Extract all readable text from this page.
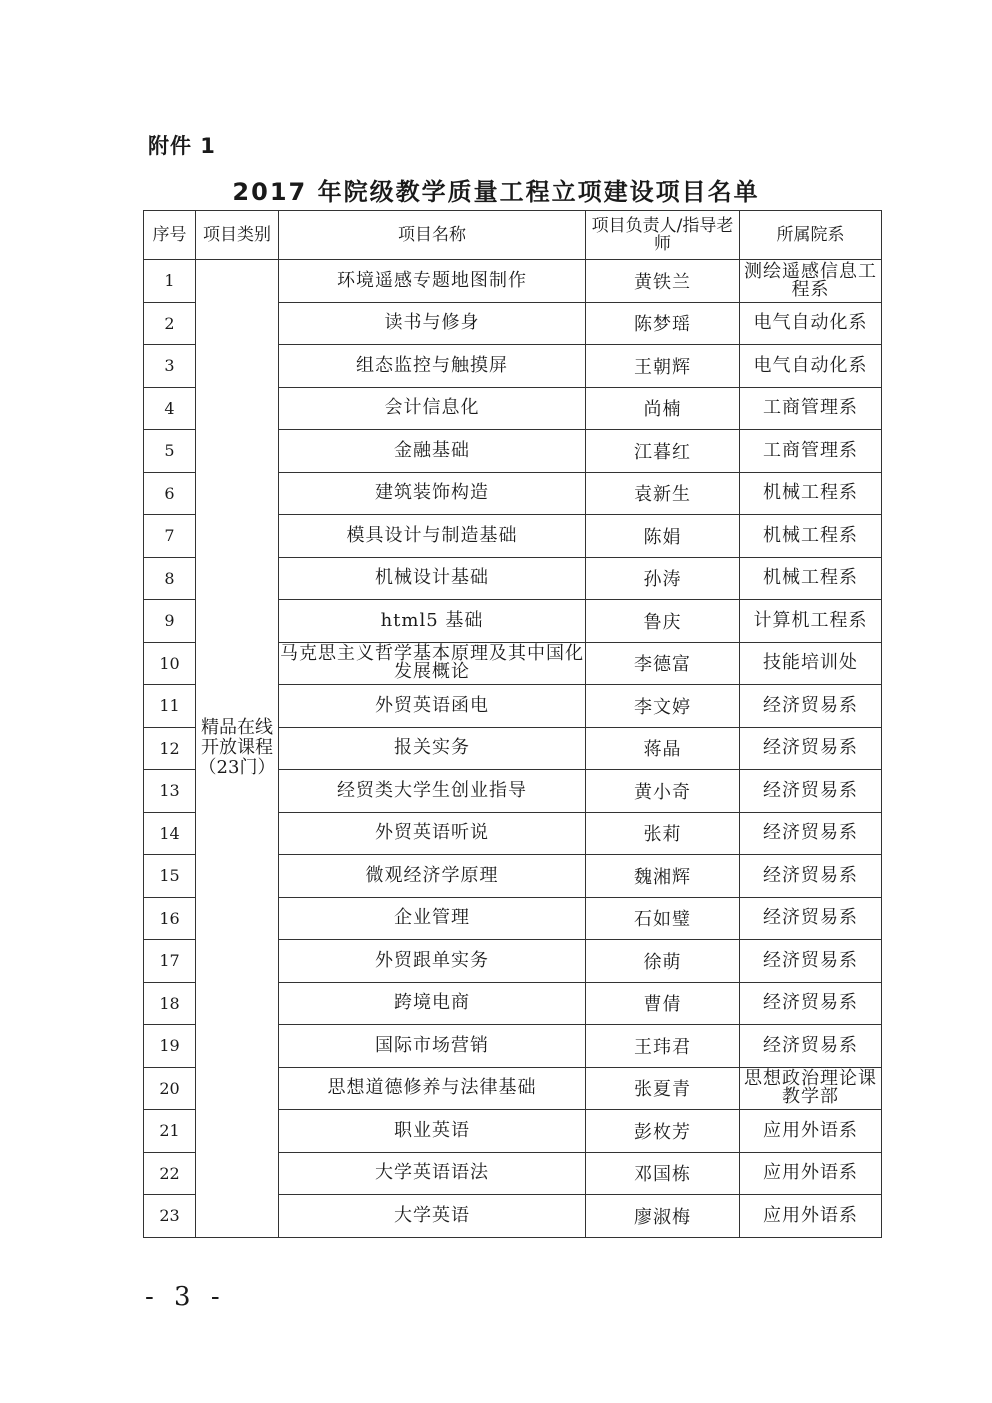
附件 1
2017 年院级教学质量工程立项建设项目名单
序号	项目类别	项目名称	项目负责人/指导老师	所属院系
1	精品在线开放课程（23门）	环境遥感专题地图制作	黄铁兰	测绘遥感信息工程系
2		读书与修身	陈梦瑶	电气自动化系
3		组态监控与触摸屏	王朝辉	电气自动化系
4		会计信息化	尚楠	工商管理系
5		金融基础	江暮红	工商管理系
6		建筑装饰构造	袁新生	机械工程系
7		模具设计与制造基础	陈娟	机械工程系
8		机械设计基础	孙涛	机械工程系
9		html5 基础	鲁庆	计算机工程系
10		马克思主义哲学基本原理及其中国化发展概论	李德富	技能培训处
11		外贸英语函电	李文婷	经济贸易系
12		报关实务	蒋晶	经济贸易系
13		经贸类大学生创业指导	黄小奇	经济贸易系
14		外贸英语听说	张莉	经济贸易系
15		微观经济学原理	魏湘辉	经济贸易系
16		企业管理	石如璧	经济贸易系
17		外贸跟单实务	徐萌	经济贸易系
18		跨境电商	曹倩	经济贸易系
19		国际市场营销	王玮君	经济贸易系
20		思想道德修养与法律基础	张夏青	思想政治理论课教学部
21		职业英语	彭枚芳	应用外语系
22		大学英语语法	邓国栋	应用外语系
23		大学英语	廖淑梅	应用外语系
- 3 -
